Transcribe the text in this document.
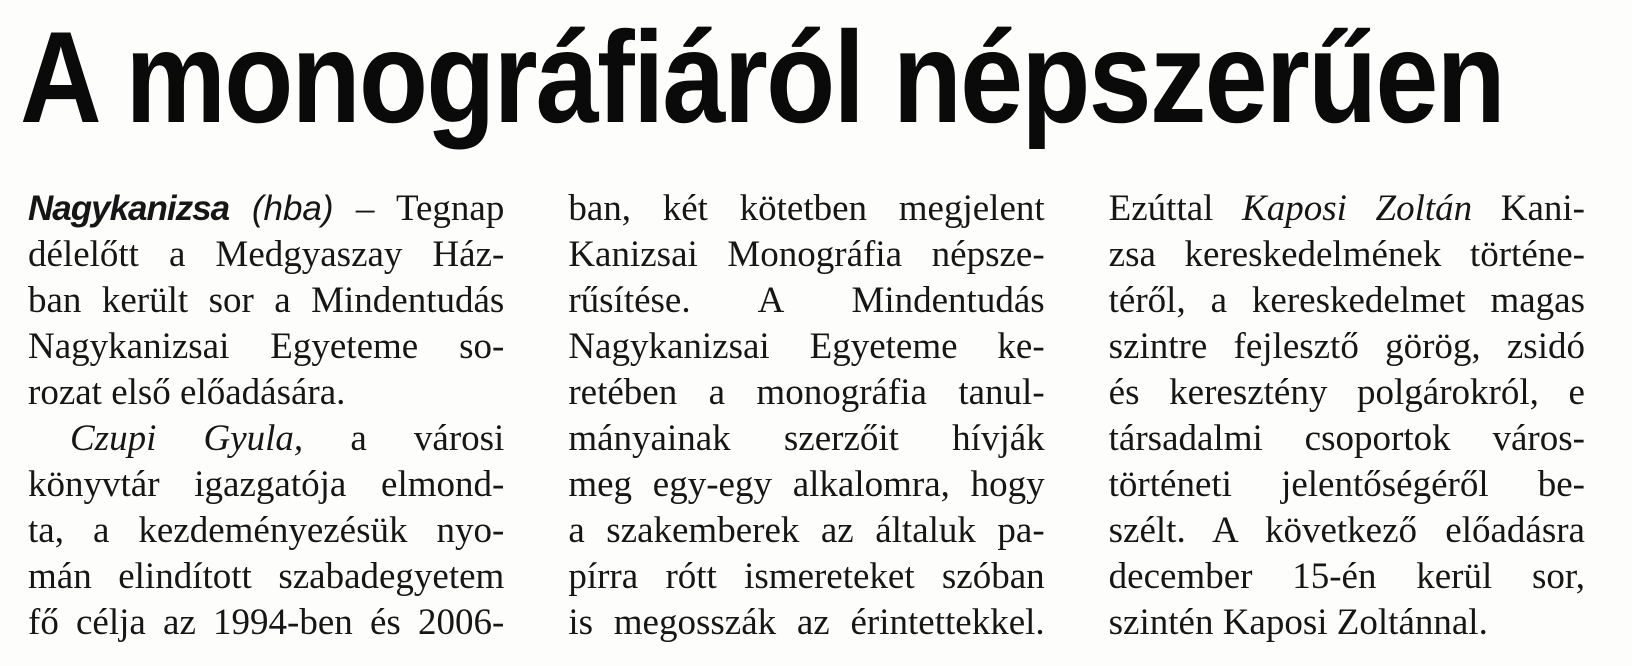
A monográfiáról népszerűen
Nagykanizsa (hba) – Tegnap
délelőtt a Medgyaszay Ház-
ban került sor a Mindentudás
Nagykanizsai Egyeteme so-
rozat első előadására.
Czupi Gyula, a városi
könyvtár igazgatója elmond-
ta, a kezdeményezésük nyo-
mán elindított szabadegyetem
fő célja az 1994-ben és 2006-
ban, két kötetben megjelent
Kanizsai Monográfia népsze-
rűsítése. A Mindentudás
Nagykanizsai Egyeteme ke-
retében a monográfia tanul-
mányainak szerzőit hívják
meg egy-egy alkalomra, hogy
a szakemberek az általuk pa-
pírra rótt ismereteket szóban
is megosszák az érintettekkel.
Ezúttal Kaposi Zoltán Kani-
zsa kereskedelmének történe-
téről, a kereskedelmet magas
szintre fejlesztő görög, zsidó
és keresztény polgárokról, e
társadalmi csoportok város-
történeti jelentőségéről be-
szélt. A következő előadásra
december 15-én kerül sor,
szintén Kaposi Zoltánnal.
